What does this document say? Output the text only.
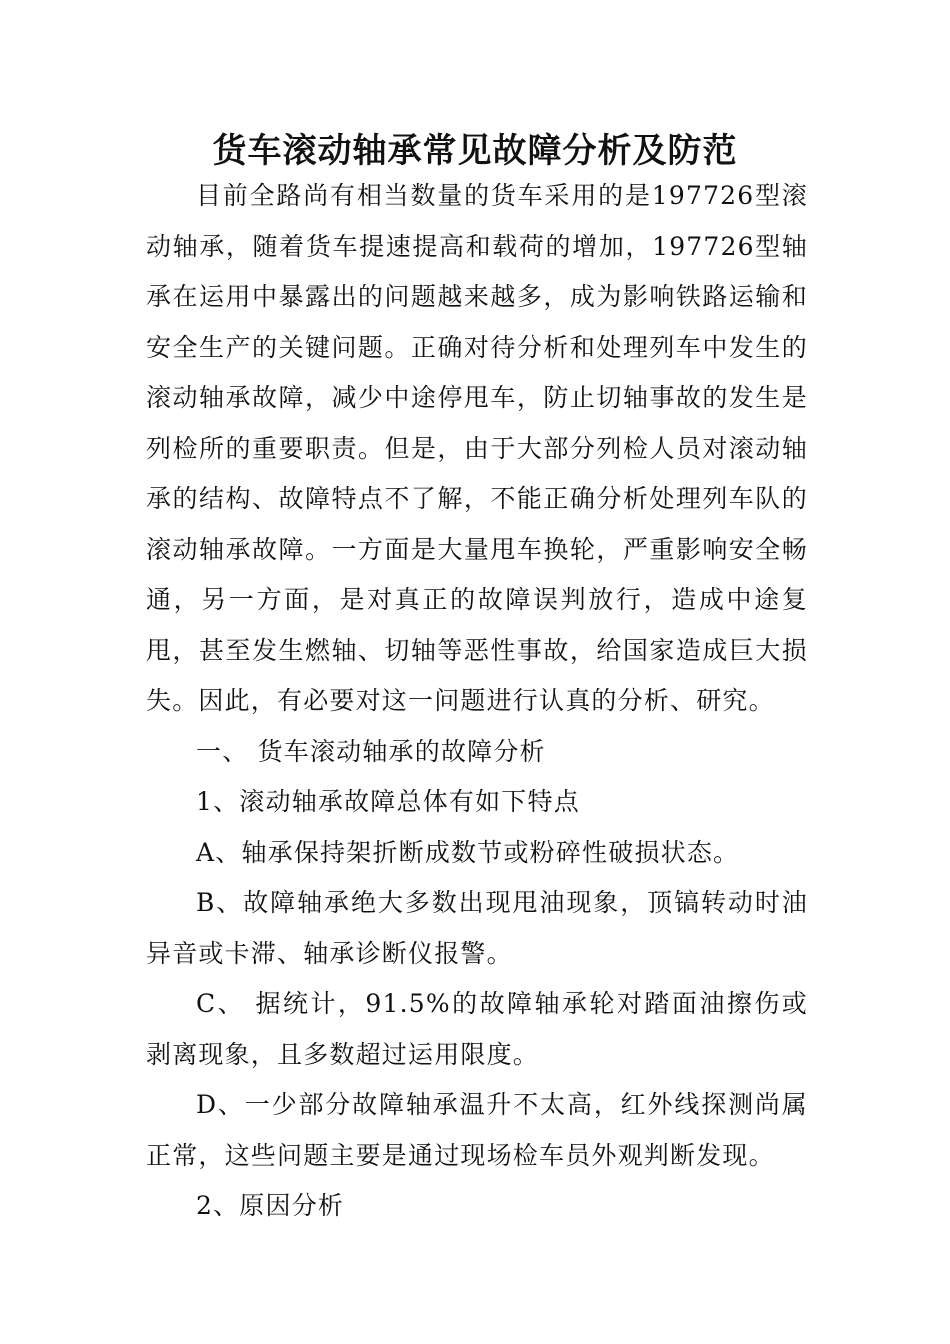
货车滚动轴承常见故障分析及防范

目前全路尚有相当数量的货车采用的是197726型滚动轴承，随着货车提速提高和载荷的增加，197726型轴承在运用中暴露出的问题越来越多，成为影响铁路运输和安全生产的关键问题。正确对待分析和处理列车中发生的滚动轴承故障，减少中途停甩车，防止切轴事故的发生是列检所的重要职责。但是，由于大部分列检人员对滚动轴承的结构、故障特点不了解，不能正确分析处理列车队的滚动轴承故障。一方面是大量甩车换轮，严重影响安全畅通，另一方面，是对真正的故障误判放行，造成中途复甩，甚至发生燃轴、切轴等恶性事故，给国家造成巨大损失。因此，有必要对这一问题进行认真的分析、研究。

一、 货车滚动轴承的故障分析

1、滚动轴承故障总体有如下特点

A、轴承保持架折断成数节或粉碎性破损状态。

B、故障轴承绝大多数出现甩油现象，顶镐转动时油异音或卡滞、轴承诊断仪报警。

C、 据统计，91.5%的故障轴承轮对踏面油擦伤或剥离现象，且多数超过运用限度。

D、一少部分故障轴承温升不太高，红外线探测尚属正常，这些问题主要是通过现场检车员外观判断发现。

2、原因分析
